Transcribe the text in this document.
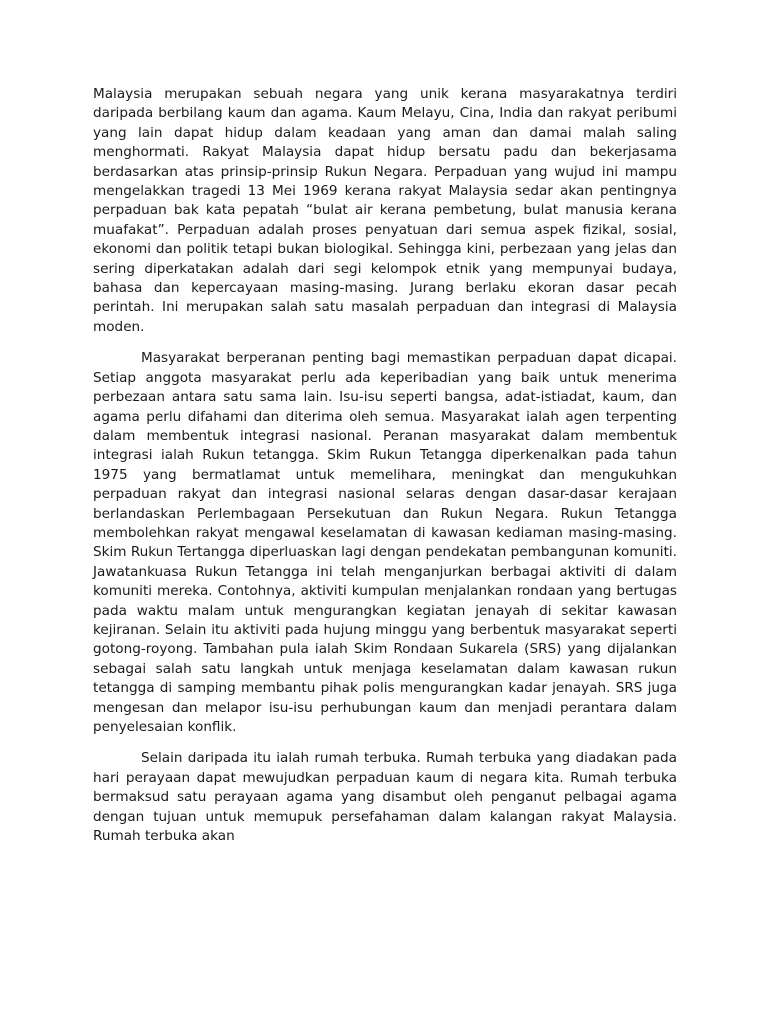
Malaysia merupakan sebuah negara yang unik kerana masyarakatnya terdiri daripada berbilang kaum dan agama. Kaum Melayu, Cina, India dan rakyat peribumi yang lain dapat hidup dalam keadaan yang aman dan damai malah saling menghormati. Rakyat Malaysia dapat hidup bersatu padu dan bekerjasama berdasarkan atas prinsip-prinsip Rukun Negara. Perpaduan yang wujud ini mampu mengelakkan tragedi 13 Mei 1969 kerana rakyat Malaysia sedar akan pentingnya perpaduan bak kata pepatah “bulat air kerana pembetung, bulat manusia kerana muafakat”. Perpaduan adalah proses penyatuan dari semua aspek fizikal, sosial, ekonomi dan politik tetapi bukan biologikal. Sehingga kini, perbezaan yang jelas dan sering diperkatakan adalah dari segi kelompok etnik yang mempunyai budaya, bahasa dan kepercayaan masing-masing. Jurang berlaku ekoran dasar pecah perintah. Ini merupakan salah satu masalah perpaduan dan integrasi di Malaysia moden.

Masyarakat berperanan penting bagi memastikan perpaduan dapat dicapai. Setiap anggota masyarakat perlu ada keperibadian yang baik untuk menerima perbezaan antara satu sama lain. Isu-isu seperti bangsa, adat-istiadat, kaum, dan agama perlu difahami dan diterima oleh semua. Masyarakat ialah agen terpenting dalam membentuk integrasi nasional. Peranan masyarakat dalam membentuk integrasi ialah Rukun tetangga. Skim Rukun Tetangga diperkenalkan pada tahun 1975 yang bermatlamat untuk memelihara, meningkat dan mengukuhkan perpaduan rakyat dan integrasi nasional selaras dengan dasar-dasar kerajaan berlandaskan Perlembagaan Persekutuan dan Rukun Negara. Rukun Tetangga membolehkan rakyat mengawal keselamatan di kawasan kediaman masing-masing. Skim Rukun Tertangga diperluaskan lagi dengan pendekatan pembangunan komuniti. Jawatankuasa Rukun Tetangga ini telah menganjurkan berbagai aktiviti di dalam komuniti mereka. Contohnya, aktiviti kumpulan menjalankan rondaan yang bertugas pada waktu malam untuk mengurangkan kegiatan jenayah di sekitar kawasan kejiranan. Selain itu aktiviti pada hujung minggu yang berbentuk masyarakat seperti gotong-royong. Tambahan pula ialah Skim Rondaan Sukarela (SRS) yang dijalankan sebagai salah satu langkah untuk menjaga keselamatan dalam kawasan rukun tetangga di samping membantu pihak polis mengurangkan kadar jenayah. SRS juga mengesan dan melapor isu-isu perhubungan kaum dan menjadi perantara dalam penyelesaian konflik.

Selain daripada itu ialah rumah terbuka. Rumah terbuka yang diadakan pada hari perayaan dapat mewujudkan perpaduan kaum di negara kita. Rumah terbuka bermaksud satu perayaan agama yang disambut oleh penganut pelbagai agama dengan tujuan untuk memupuk persefahaman dalam kalangan rakyat Malaysia. Rumah terbuka akan
